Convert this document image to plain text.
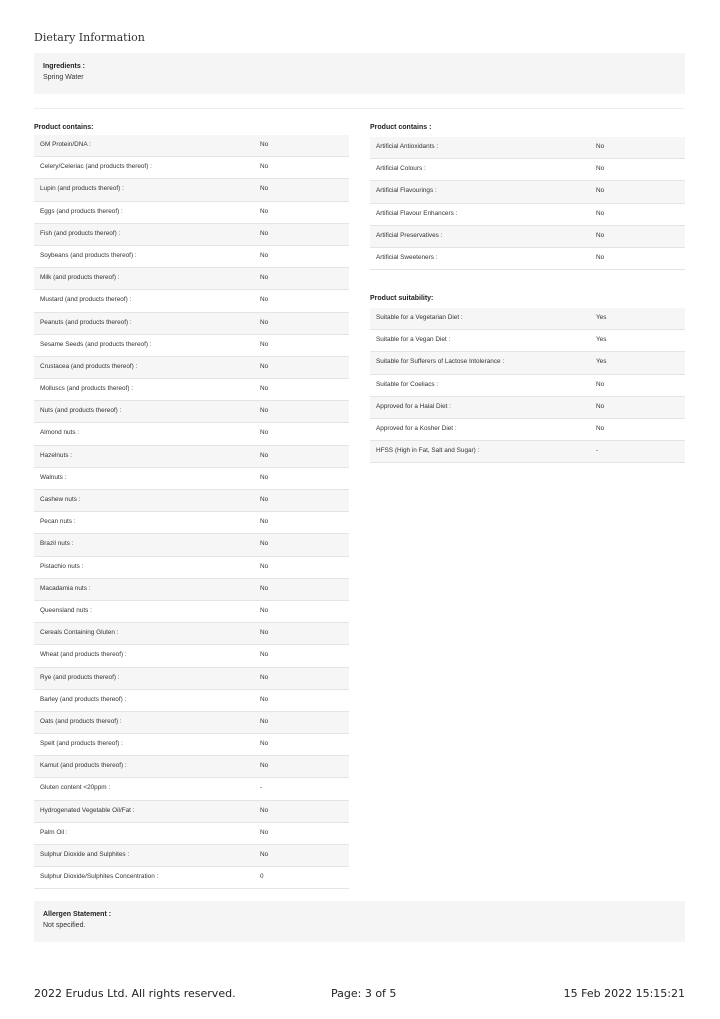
Dietary Information
Ingredients :
Spring Water
Product contains:	Product contains :
Product suitability:
GM Protein/DNA :	No
Celery/Celeriac (and products thereof) :	No
Lupin (and products thereof) :	No
Eggs (and products thereof) :	No
Fish (and products thereof) :	No
Soybeans (and products thereof) :	No
Milk (and products thereof) :	No
Mustard (and products thereof) :	No
Peanuts (and products thereof) :	No
Sesame Seeds (and products thereof) :	No
Crustacea (and products thereof) :	No
Molluscs (and products thereof) :	No
Nuts (and products thereof) :	No
Almond nuts :	No
Hazelnuts :	No
Walnuts :	No
Cashew nuts :	No
Pecan nuts :	No
Brazil nuts :	No
Pistachio nuts :	No
Macadamia nuts :	No
Queensland nuts :	No
Cereals Containing Gluten :	No
Wheat (and products thereof) :	No
Rye (and products thereof) :	No
Barley (and products thereof) :	No
Oats (and products thereof) :	No
Spelt (and products thereof) :	No
Kamut (and products thereof) :	No
Gluten content <20ppm :	-
Hydrogenated Vegetable Oil/Fat :	No
Palm Oil :	No
Sulphur Dioxide and Sulphites :	No
Sulphur Dioxide/Sulphites Concentration :	0
Artificial Antioxidants :	No
Artificial Colours :	No
Artificial Flavourings :	No
Artificial Flavour Enhancers :	No
Artificial Preservatives :	No
Artificial Sweeteners :	No
Suitable for a Vegetarian Diet :	Yes
Suitable for a Vegan Diet :	Yes
Suitable for Sufferers of Lactose Intolerance :	Yes
Suitable for Coeliacs :	No
Approved for a Halal Diet :	No
Approved for a Kosher Diet :	No
HFSS (High in Fat, Salt and Sugar) :	-
Allergen Statement :
Not specified.
2022 Erudus Ltd. All rights reserved.	Page: 3 of 5	15 Feb 2022 15:15:21
